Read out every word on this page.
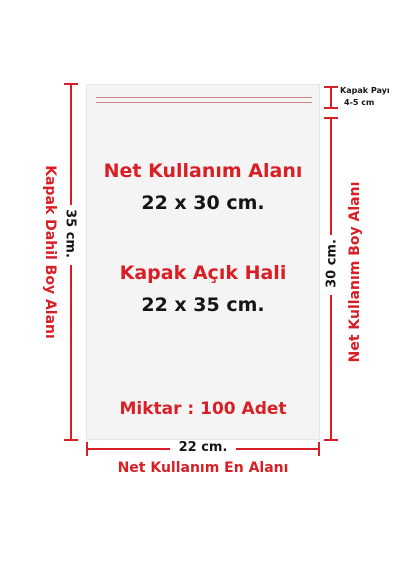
Net Kullanım Alanı
22 x 30 cm.
Kapak Açık Hali
22 x 35 cm.
Miktar : 100 Adet
35 cm.
Kapak Dahil Boy Alanı	30 cm. Net Kullanım Boy Alanı
Kapak Payı
4-5 cm
22 cm.
Net Kullanım En Alanı
